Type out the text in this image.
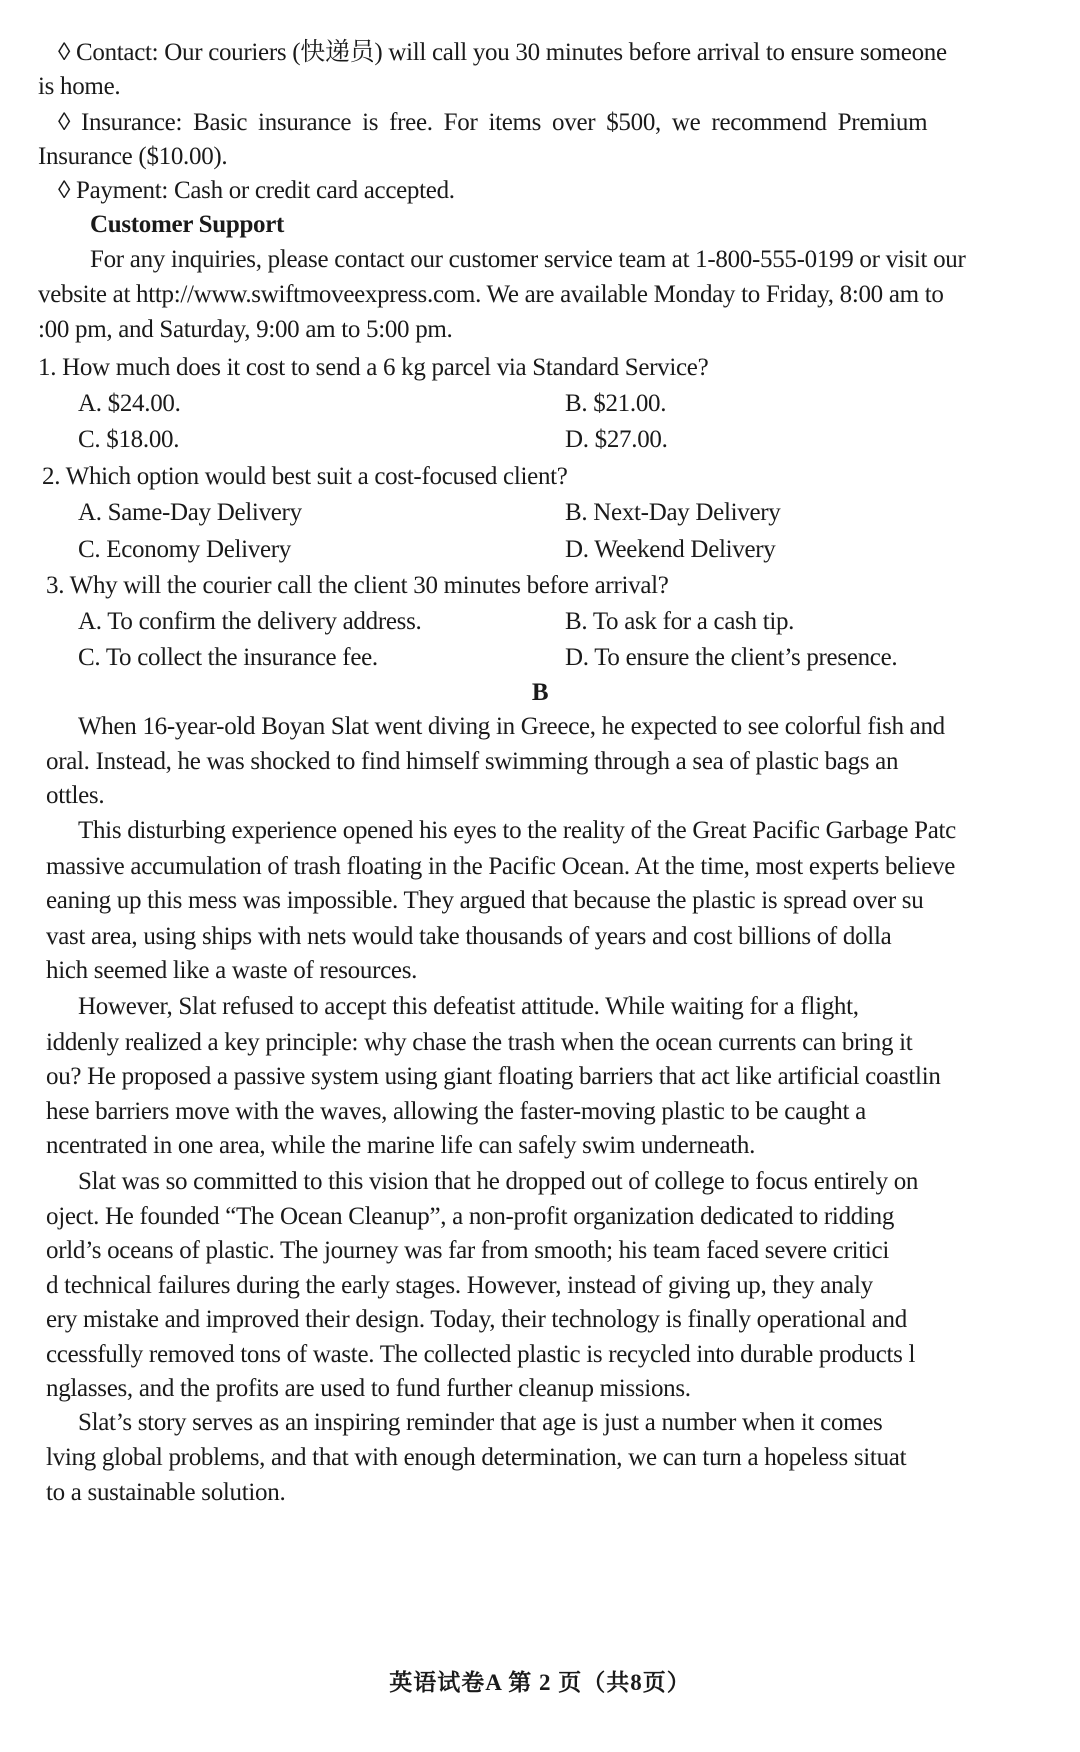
◊ Contact: Our couriers (快递员) will call you 30 minutes before arrival to ensure someone
is home.
◊ Insurance: Basic insurance is free. For items over $500, we recommend Premium
Insurance ($10.00).
◊ Payment: Cash or credit card accepted.
Customer Support
For any inquiries, please contact our customer service team at 1-800-555-0199 or visit our
vebsite at http://www.swiftmoveexpress.com. We are available Monday to Friday, 8:00 am to
:00 pm, and Saturday, 9:00 am to 5:00 pm.
1. How much does it cost to send a 6 kg parcel via Standard Service?
A. $24.00.	B. $21.00.
C. $18.00.	D. $27.00.
2. Which option would best suit a cost-focused client?
A. Same-Day Delivery	B. Next-Day Delivery
C. Economy Delivery	D. Weekend Delivery
3. Why will the courier call the client 30 minutes before arrival?
A. To confirm the delivery address.	B. To ask for a cash tip.
C. To collect the insurance fee.	D. To ensure the client’s presence.
B
When 16-year-old Boyan Slat went diving in Greece, he expected to see colorful fish and
oral. Instead, he was shocked to find himself swimming through a sea of plastic bags an
ottles.
This disturbing experience opened his eyes to the reality of the Great Pacific Garbage Patc
massive accumulation of trash floating in the Pacific Ocean. At the time, most experts believe
eaning up this mess was impossible. They argued that because the plastic is spread over su
vast area, using ships with nets would take thousands of years and cost billions of dolla
hich seemed like a waste of resources.
However, Slat refused to accept this defeatist attitude. While waiting for a flight,
iddenly realized a key principle: why chase the trash when the ocean currents can bring it
ou? He proposed a passive system using giant floating barriers that act like artificial coastlin
hese barriers move with the waves, allowing the faster-moving plastic to be caught a
ncentrated in one area, while the marine life can safely swim underneath.
Slat was so committed to this vision that he dropped out of college to focus entirely on
oject. He founded “The Ocean Cleanup”, a non-profit organization dedicated to ridding
orld’s oceans of plastic. The journey was far from smooth; his team faced severe critici
d technical failures during the early stages. However, instead of giving up, they analy
ery mistake and improved their design. Today, their technology is finally operational and
ccessfully removed tons of waste. The collected plastic is recycled into durable products l
nglasses, and the profits are used to fund further cleanup missions.
Slat’s story serves as an inspiring reminder that age is just a number when it comes
lving global problems, and that with enough determination, we can turn a hopeless situat
to a sustainable solution.
英语试卷A 第 2 页（共8页）
